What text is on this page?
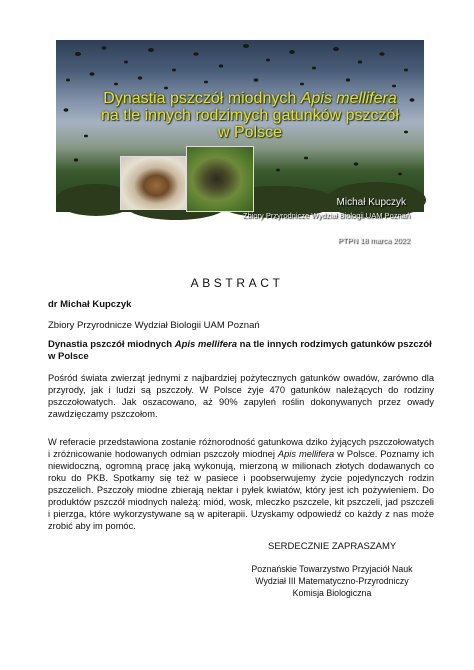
Dynastia pszczół miodnych Apis mellifera
na tle innych rodzimych gatunków pszczół w Polsce
Michał Kupczyk
Zbiory Przyrodnicze Wydział Biologii UAM Poznań
PTPN 18 marca 2022
ABSTRACT
dr Michał Kupczyk
Zbiory Przyrodnicze Wydział Biologii UAM Poznań
Dynastia pszczół miodnych Apis mellifera na tle innych rodzimych gatunków pszczół w Polsce
Pośród świata zwierząt jednymi z najbardziej pożytecznych gatunków owadów, zarówno dla przyrody, jak i ludzi są pszczoły. W Polsce żyje 470 gatunków należących do rodziny pszczołowatych. Jak oszacowano, aż 90% zapyleń roślin dokonywanych przez owady zawdzięczamy pszczołom.
W referacie przedstawiona zostanie różnorodność gatunkowa dziko żyjących pszczołowatych i zróżnicowanie hodowanych odmian pszczoły miodnej Apis mellifera w Polsce. Poznamy ich niewidoczną, ogromną pracę jaką wykonują, mierzoną w milionach złotych dodawanych co roku do PKB. Spotkamy się też w pasiece i poobserwujemy życie pojedynczych rodzin pszczelich. Pszczoły miodne zbierają nektar i pyłek kwiatów, który jest ich pożywieniem. Do produktów pszczół miodnych należą: miód, wosk, mleczko pszczele, kit pszczeli, jad pszczeli i pierzga, które wykorzystywane są w apiterapii. Uzyskamy odpowiedź co każdy z nas może zrobić aby im pomóc.
SERDECZNIE ZAPRASZAMY
Poznańskie Towarzystwo Przyjaciół Nauk
Wydział III Matematyczno-Przyrodniczy
Komisja Biologiczna
